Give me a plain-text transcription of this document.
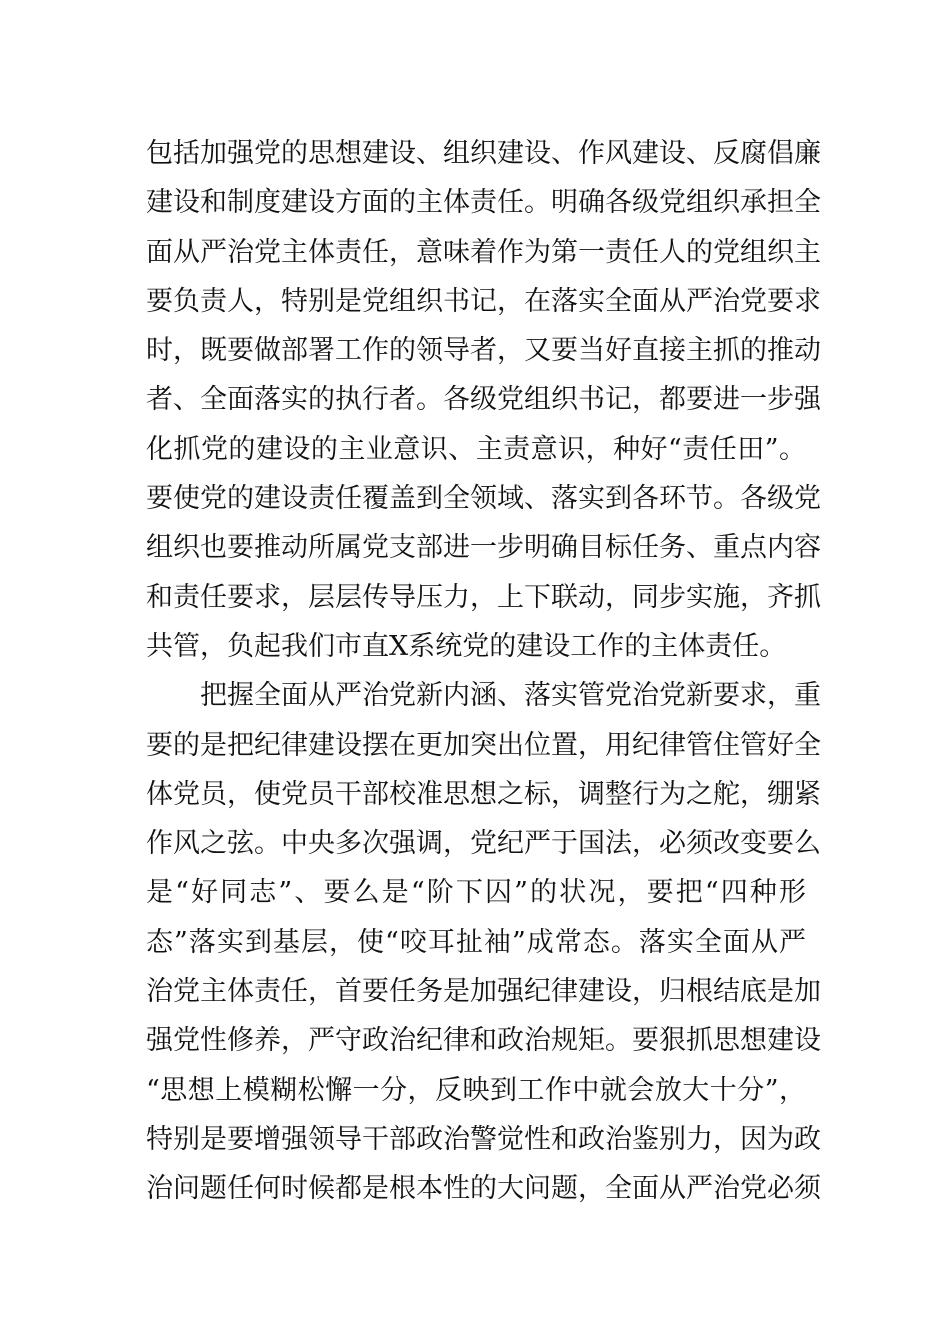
包括加强党的思想建设、组织建设、作风建设、反腐倡廉
建设和制度建设方面的主体责任。明确各级党组织承担全
面从严治党主体责任，意味着作为第一责任人的党组织主
要负责人，特别是党组织书记，在落实全面从严治党要求
时，既要做部署工作的领导者，又要当好直接主抓的推动
者、全面落实的执行者。各级党组织书记，都要进一步强
化抓党的建设的主业意识、主责意识，种好“责任田”。
要使党的建设责任覆盖到全领域、落实到各环节。各级党
组织也要推动所属党支部进一步明确目标任务、重点内容
和责任要求，层层传导压力，上下联动，同步实施，齐抓
共管，负起我们市直X系统党的建设工作的主体责任。
把握全面从严治党新内涵、落实管党治党新要求，重
要的是把纪律建设摆在更加突出位置，用纪律管住管好全
体党员，使党员干部校准思想之标，调整行为之舵，绷紧
作风之弦。中央多次强调，党纪严于国法，必须改变要么
是“好同志”、要么是“阶下囚”的状况，要把“四种形
态”落实到基层，使“咬耳扯袖”成常态。落实全面从严
治党主体责任，首要任务是加强纪律建设，归根结底是加
强党性修养，严守政治纪律和政治规矩。要狠抓思想建设
“思想上模糊松懈一分，反映到工作中就会放大十分”，
特别是要增强领导干部政治警觉性和政治鉴别力，因为政
治问题任何时候都是根本性的大问题，全面从严治党必须
